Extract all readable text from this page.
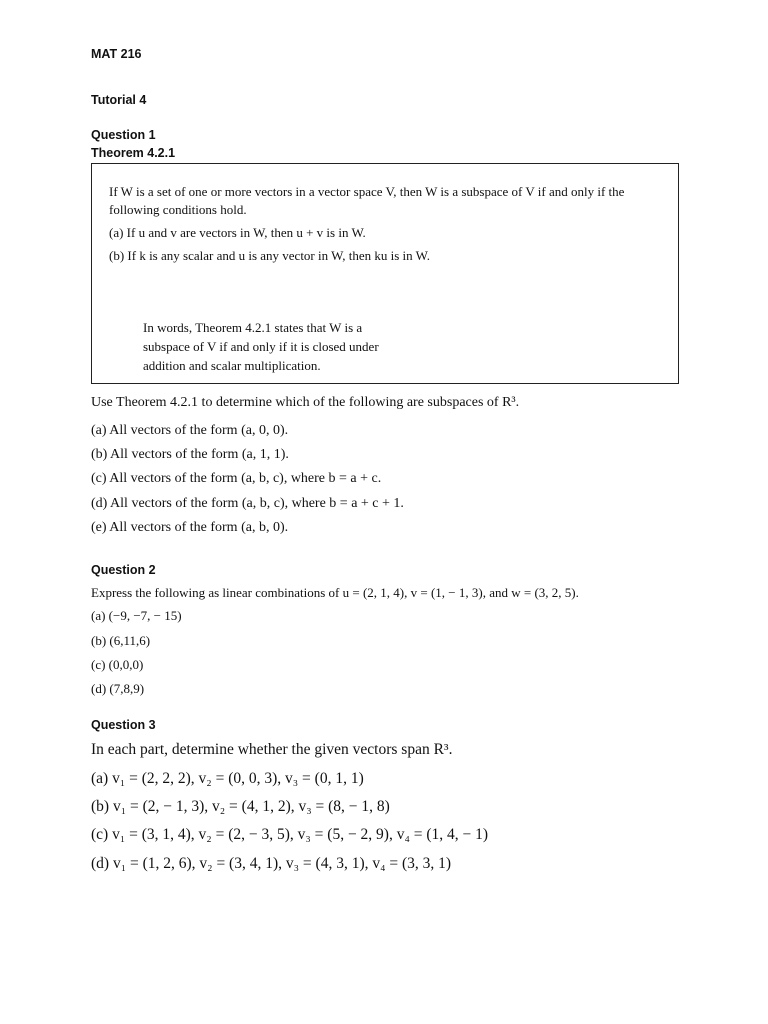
MAT 216
Tutorial 4
Question 1
Theorem 4.2.1
If W is a set of one or more vectors in a vector space V, then W is a subspace of V if and only if the
following conditions hold.
(a) If u and v are vectors in W, then u + v is in W.
(b) If k is any scalar and u is any vector in W, then ku is in W.
In words, Theorem 4.2.1 states that W is a
subspace of V if and only if it is closed under
addition and scalar multiplication.
Use Theorem 4.2.1 to determine which of the following are subspaces of R³.
(a) All vectors of the form (a, 0, 0).
(b) All vectors of the form (a, 1, 1).
(c) All vectors of the form (a, b, c), where b = a + c.
(d) All vectors of the form (a, b, c), where b = a + c + 1.
(e) All vectors of the form (a, b, 0).
Question 2
Express the following as linear combinations of u = (2, 1, 4), v = (1, − 1, 3), and w = (3, 2, 5).
(a) (−9, −7, − 15)
(b) (6,11,6)
(c) (0,0,0)
(d) (7,8,9)
Question 3
In each part, determine whether the given vectors span R³.
(a) v₁ = (2, 2, 2), v₂ = (0, 0, 3), v₃ = (0, 1, 1)
(b) v₁ = (2, − 1, 3), v₂ = (4, 1, 2), v₃ = (8, − 1, 8)
(c) v₁ = (3, 1, 4), v₂ = (2, − 3, 5), v₃ = (5, − 2, 9), v₄ = (1, 4, − 1)
(d) v₁ = (1, 2, 6), v₂ = (3, 4, 1), v₃ = (4, 3, 1), v₄ = (3, 3, 1)
